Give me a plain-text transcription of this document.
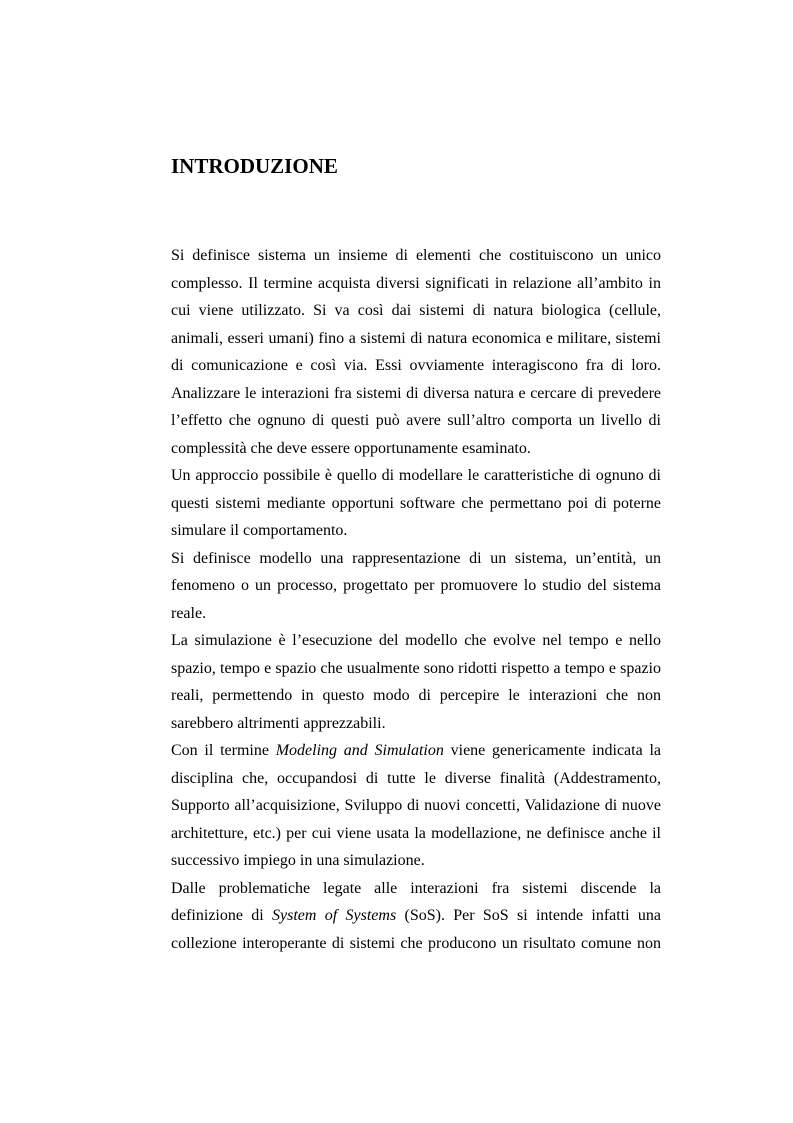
INTRODUZIONE
Si definisce sistema un insieme di elementi che costituiscono un unico
complesso. Il termine acquista diversi significati in relazione all’ambito in
cui viene utilizzato. Si va così dai sistemi di natura biologica (cellule,
animali, esseri umani) fino a sistemi di natura economica e militare, sistemi
di comunicazione e così via. Essi ovviamente interagiscono fra di loro.
Analizzare le interazioni fra sistemi di diversa natura e cercare di prevedere
l’effetto che ognuno di questi può avere sull’altro comporta un livello di
complessità che deve essere opportunamente esaminato.
Un approccio possibile è quello di modellare le caratteristiche di ognuno di
questi sistemi mediante opportuni software che permettano poi di poterne
simulare il comportamento.
Si definisce modello una rappresentazione di un sistema, un’entità, un
fenomeno o un processo, progettato per promuovere lo studio del sistema
reale.
La simulazione è l’esecuzione del modello che evolve nel tempo e nello
spazio, tempo e spazio che usualmente sono ridotti rispetto a tempo e spazio
reali, permettendo in questo modo di percepire le interazioni che non
sarebbero altrimenti apprezzabili.
Con il termine Modeling and Simulation viene genericamente indicata la
disciplina che, occupandosi di tutte le diverse finalità (Addestramento,
Supporto all’acquisizione, Sviluppo di nuovi concetti, Validazione di nuove
architetture, etc.) per cui viene usata la modellazione, ne definisce anche il
successivo impiego in una simulazione.
Dalle problematiche legate alle interazioni fra sistemi discende la
definizione di System of Systems (SoS). Per SoS si intende infatti una
collezione interoperante di sistemi che producono un risultato comune non
